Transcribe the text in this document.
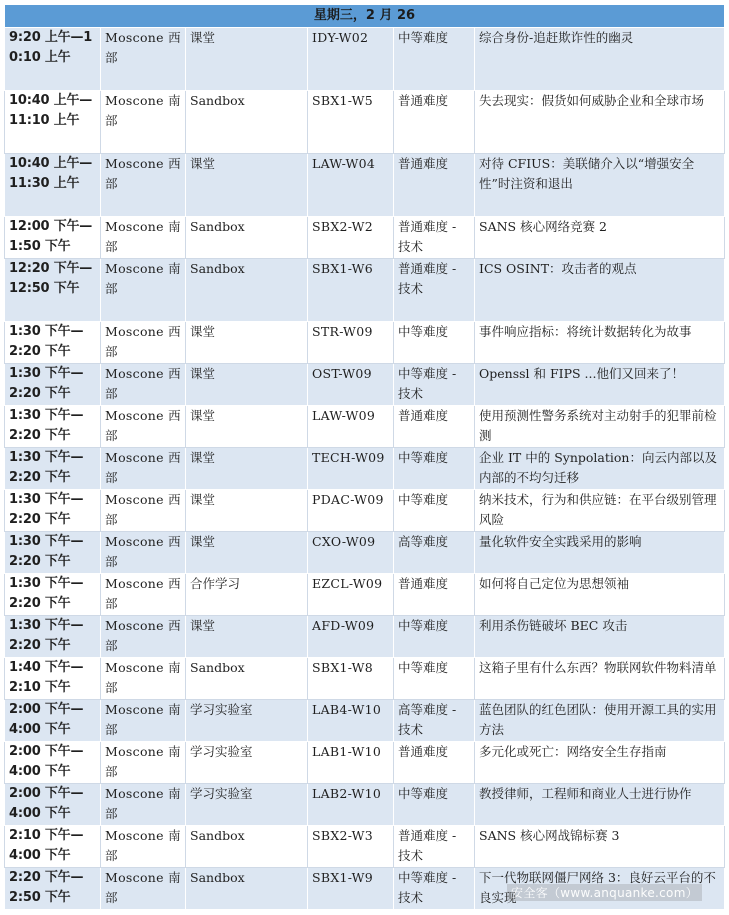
星期三，2 月 26					
9:20 上午—10:10 上午	Moscone 西部	课堂	IDY-W02	中等难度	综合身份-追赶欺诈性的幽灵
10:40 上午—11:10 上午	Moscone 南部	Sandbox	SBX1-W5	普通难度	失去现实：假货如何威胁企业和全球市场
10:40 上午—11:30 上午	Moscone 西部	课堂	LAW-W04	普通难度	对待 CFIUS：美联储介入以“增强安全性”时注资和退出
12:00 下午—1:50 下午	Moscone 南部	Sandbox	SBX2-W2	普通难度 - 技术	SANS 核心网络竞赛 2
12:20 下午—12:50 下午	Moscone 南部	Sandbox	SBX1-W6	普通难度 - 技术	ICS OSINT：攻击者的观点
1:30 下午—2:20 下午	Moscone 西部	课堂	STR-W09	中等难度	事件响应指标：将统计数据转化为故事
1:30 下午—2:20 下午	Moscone 西部	课堂	OST-W09	中等难度 - 技术	Openssl 和 FIPS ...他们又回来了！
1:30 下午—2:20 下午	Moscone 西部	课堂	LAW-W09	普通难度	使用预测性警务系统对主动射手的犯罪前检测
1:30 下午—2:20 下午	Moscone 西部	课堂	TECH-W09	中等难度	企业 IT 中的 Synpolation：向云内部以及内部的不均匀迁移
1:30 下午—2:20 下午	Moscone 西部	课堂	PDAC-W09	中等难度	纳米技术，行为和供应链：在平台级别管理风险
1:30 下午—2:20 下午	Moscone 西部	课堂	CXO-W09	高等难度	量化软件安全实践采用的影响
1:30 下午—2:20 下午	Moscone 西部	合作学习	EZCL-W09	普通难度	如何将自己定位为思想领袖
1:30 下午—2:20 下午	Moscone 西部	课堂	AFD-W09	中等难度	利用杀伤链破坏 BEC 攻击
1:40 下午—2:10 下午	Moscone 南部	Sandbox	SBX1-W8	中等难度	这箱子里有什么东西？物联网软件物料清单
2:00 下午—4:00 下午	Moscone 南部	学习实验室	LAB4-W10	高等难度 - 技术	蓝色团队的红色团队：使用开源工具的实用方法
2:00 下午—4:00 下午	Moscone 南部	学习实验室	LAB1-W10	普通难度	多元化或死亡：网络安全生存指南
2:00 下午—4:00 下午	Moscone 南部	学习实验室	LAB2-W10	中等难度	教授律师，工程师和商业人士进行协作
2:10 下午—4:00 下午	Moscone 南部	Sandbox	SBX2-W3	普通难度 - 技术	SANS 核心网战锦标赛 3
2:20 下午—2:50 下午	Moscone 南部	Sandbox	SBX1-W9	中等难度 - 技术	下一代物联网僵尸网络 3：良好云平台的不良实现
安全客（www.anquanke.com）
